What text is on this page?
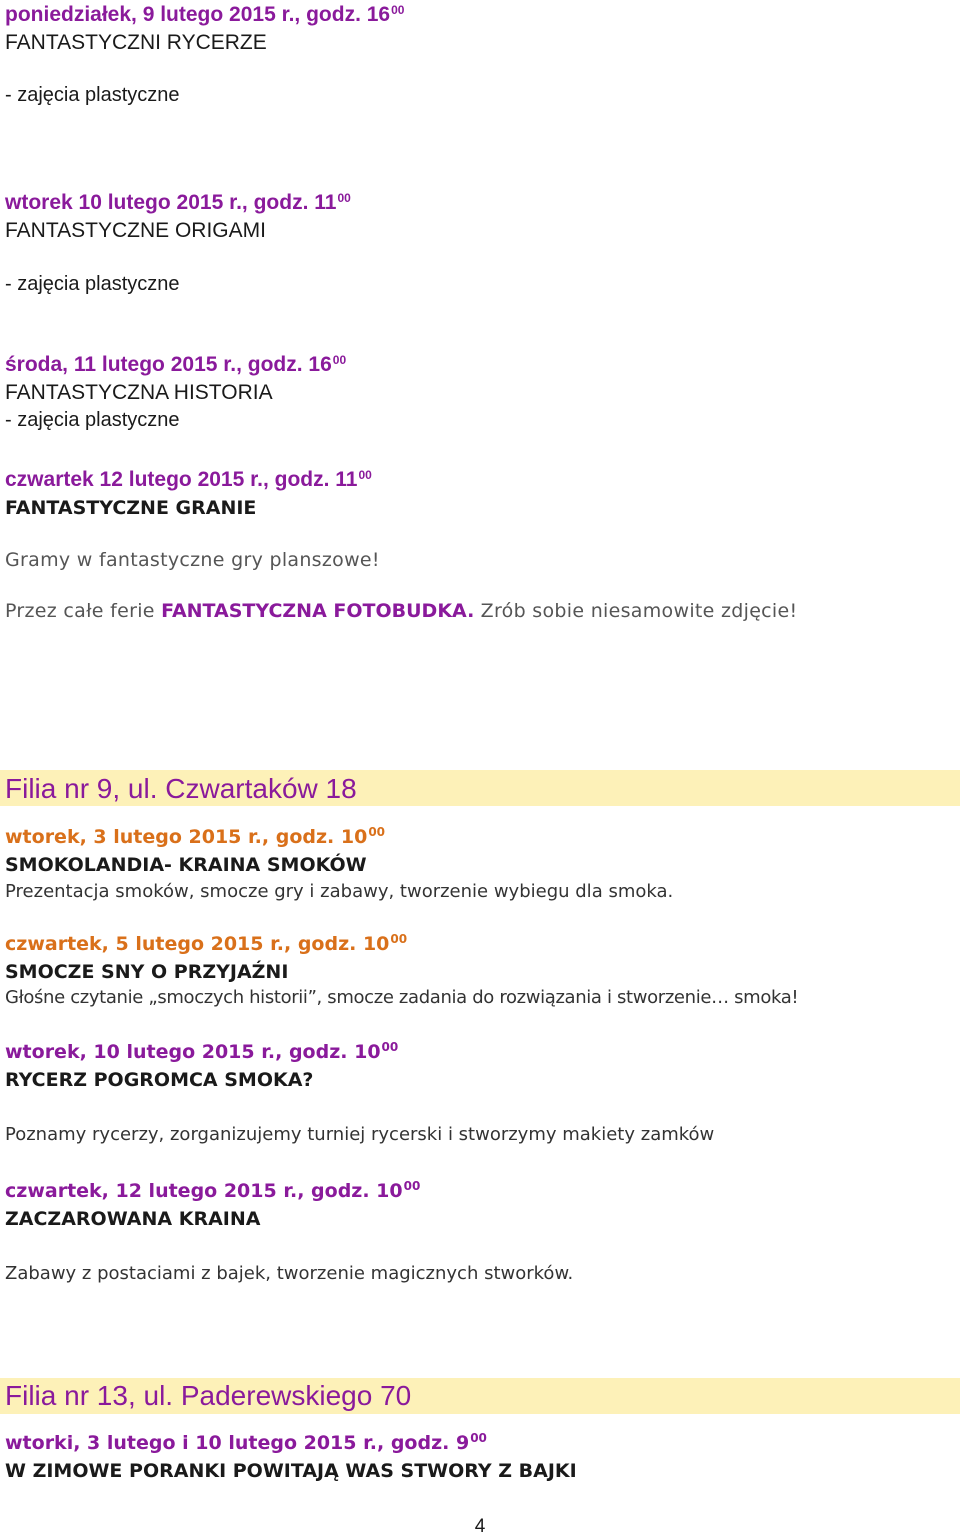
poniedziałek, 9 lutego 2015 r., godz. $16^{00}$
FANTASTYCZNI RYCERZE
- zajęcia plastyczne
wtorek 10 lutego 2015 r., godz. $11^{00}$
FANTASTYCZNE ORIGAMI
- zajęcia plastyczne
środa, 11 lutego 2015 r., godz. $16^{00}$
FANTASTYCZNA HISTORIA
- zajęcia plastyczne
czwartek 12 lutego 2015 r., godz. $11^{00}$
FANTASTYCZNE GRANIE
Gramy w fantastyczne gry planszowe!
Przez całe ferie FANTASTYCZNA FOTOBUDKA. Zrób sobie niesamowite zdjęcie!
Filia nr 9, ul. Czwartaków 18
wtorek, 3 lutego 2015 r., godz. $10^{00}$
SMOKOLANDIA- KRAINA SMOKÓW
Prezentacja smoków, smocze gry i zabawy, tworzenie wybiegu dla smoka.
czwartek, 5 lutego 2015 r., godz. $10^{00}$
SMOCZE SNY O PRZYJAŹNI
Głośne czytanie „smoczych historii”, smocze zadania do rozwiązania i stworzenie… smoka!
wtorek, 10 lutego 2015 r., godz. $10^{00}$
RYCERZ POGROMCA SMOKA?
Poznamy rycerzy, zorganizujemy turniej rycerski i stworzymy makiety zamków
czwartek, 12 lutego 2015 r., godz. $10^{00}$
ZACZAROWANA KRAINA
Zabawy z postaciami z bajek, tworzenie magicznych stworków.
Filia nr 13, ul. Paderewskiego 70
wtorki, 3 lutego i 10 lutego 2015 r., godz. $9^{00}$
W ZIMOWE PORANKI POWITAJĄ WAS STWORY Z BAJKI
4
